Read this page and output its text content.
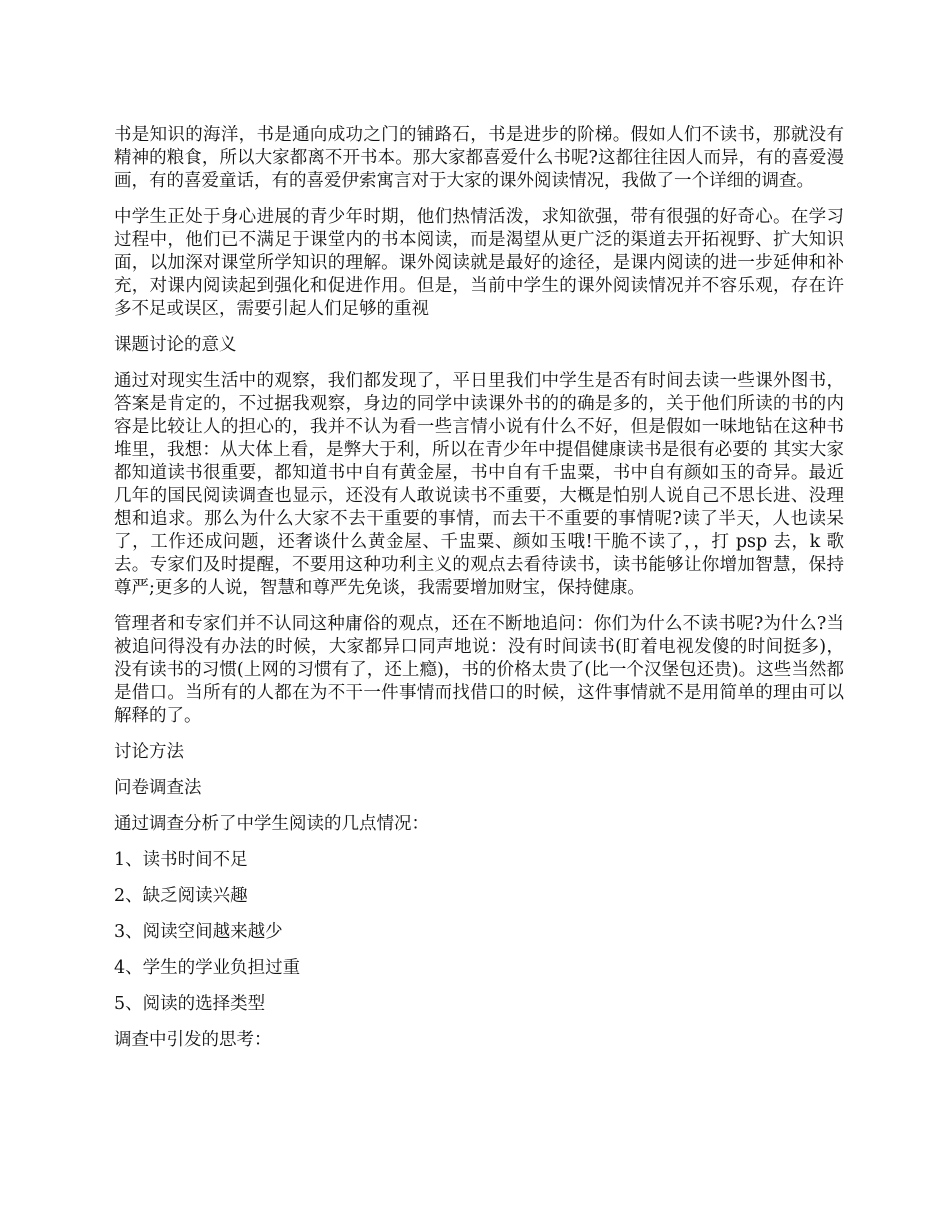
书是知识的海洋，书是通向成功之门的铺路石，书是进步的阶梯。假如人们不读书，那就没有精神的粮食，所以大家都离不开书本。那大家都喜爱什么书呢?这都往往因人而异，有的喜爱漫画，有的喜爱童话，有的喜爱伊索寓言对于大家的课外阅读情况，我做了一个详细的调查。

中学生正处于身心进展的青少年时期，他们热情活泼，求知欲强，带有很强的好奇心。在学习过程中，他们已不满足于课堂内的书本阅读，而是渴望从更广泛的渠道去开拓视野、扩大知识面，以加深对课堂所学知识的理解。课外阅读就是最好的途径，是课内阅读的进一步延伸和补充，对课内阅读起到强化和促进作用。但是，当前中学生的课外阅读情况并不容乐观，存在许多不足或误区，需要引起人们足够的重视

课题讨论的意义

通过对现实生活中的观察，我们都发现了，平日里我们中学生是否有时间去读一些课外图书，答案是肯定的，不过据我观察，身边的同学中读课外书的的确是多的，关于他们所读的书的内容是比较让人的担心的，我并不认为看一些言情小说有什么不好，但是假如一味地钻在这种书堆里，我想：从大体上看，是弊大于利，所以在青少年中提倡健康读书是很有必要的 其实大家都知道读书很重要，都知道书中自有黄金屋，书中自有千盅粟，书中自有颜如玉的奇异。最近几年的国民阅读调查也显示，还没有人敢说读书不重要，大概是怕别人说自己不思长进、没理想和追求。那么为什么大家不去干重要的事情，而去干不重要的事情呢?读了半天，人也读呆了，工作还成问题，还奢谈什么黄金屋、千盅粟、颜如玉哦!干脆不读了，，打 psp 去，k 歌去。专家们及时提醒，不要用这种功利主义的观点去看待读书，读书能够让你增加智慧，保持尊严;更多的人说，智慧和尊严先免谈，我需要增加财宝，保持健康。

管理者和专家们并不认同这种庸俗的观点，还在不断地追问：你们为什么不读书呢?为什么?当被追问得没有办法的时候，大家都异口同声地说：没有时间读书(盯着电视发傻的时间挺多)，没有读书的习惯(上网的习惯有了，还上瘾)，书的价格太贵了(比一个汉堡包还贵)。这些当然都是借口。当所有的人都在为不干一件事情而找借口的时候，这件事情就不是用简单的理由可以解释的了。

讨论方法

问卷调查法

通过调查分析了中学生阅读的几点情况：

1、读书时间不足

2、缺乏阅读兴趣

3、阅读空间越来越少

4、学生的学业负担过重

5、阅读的选择类型

调查中引发的思考：
